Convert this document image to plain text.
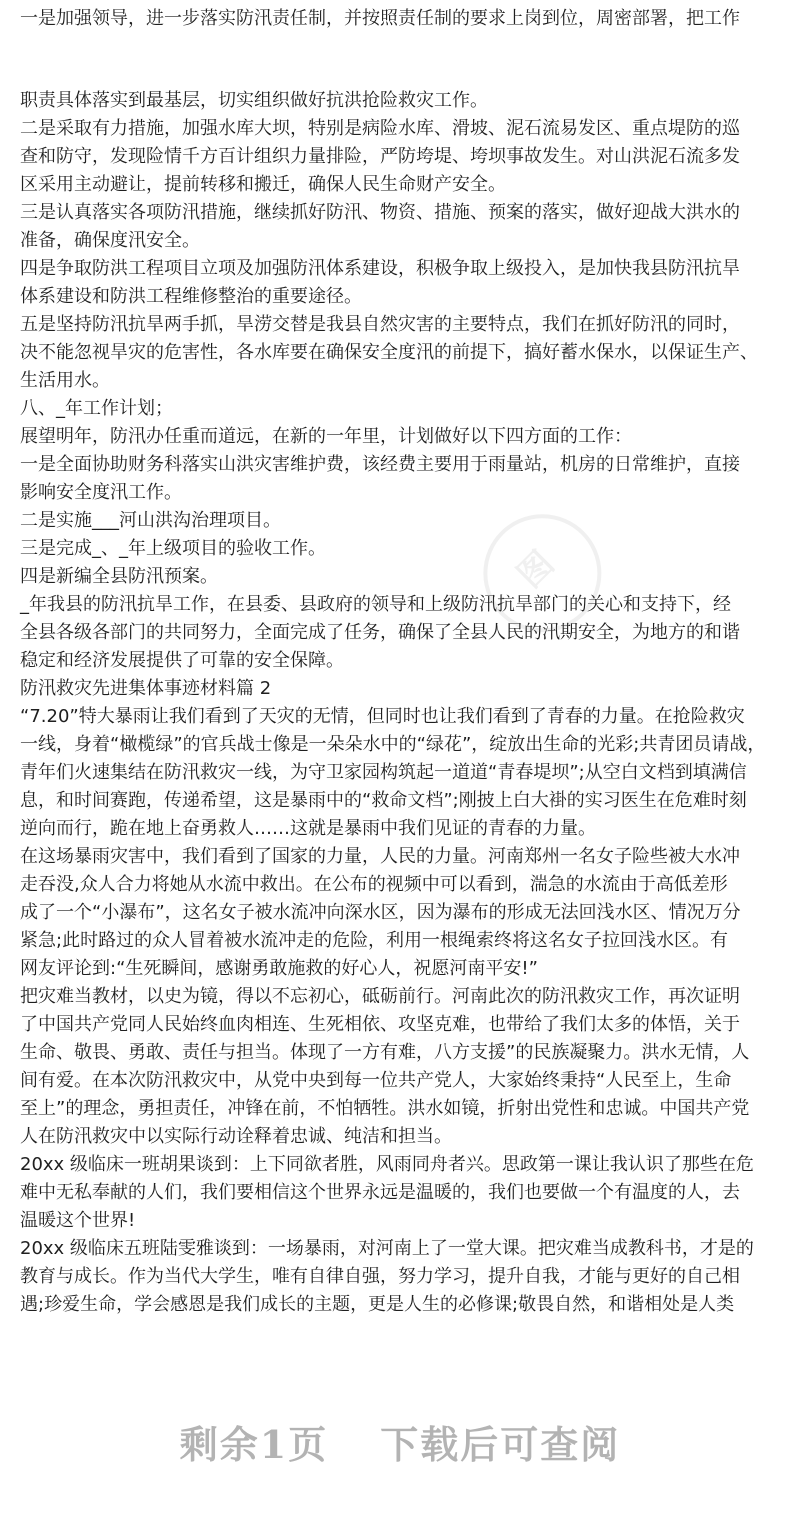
一是加强领导，进一步落实防汛责任制，并按照责任制的要求上岗到位，周密部署，把工作
职责具体落实到最基层，切实组织做好抗洪抢险救灾工作。
二是采取有力措施，加强水库大坝，特别是病险水库、滑坡、泥石流易发区、重点堤防的巡
查和防守，发现险情千方百计组织力量排险，严防垮堤、垮坝事故发生。对山洪泥石流多发
区采用主动避让，提前转移和搬迁，确保人民生命财产安全。
三是认真落实各项防汛措施，继续抓好防汛、物资、措施、预案的落实，做好迎战大洪水的
准备，确保度汛安全。
四是争取防洪工程项目立项及加强防汛体系建设，积极争取上级投入，是加快我县防汛抗旱
体系建设和防洪工程维修整治的重要途径。
五是坚持防汛抗旱两手抓，旱涝交替是我县自然灾害的主要特点，我们在抓好防汛的同时，
决不能忽视旱灾的危害性，各水库要在确保安全度汛的前提下，搞好蓄水保水，以保证生产、
生活用水。
八、_年工作计划；
展望明年，防汛办任重而道远，在新的一年里，计划做好以下四方面的工作：
一是全面协助财务科落实山洪灾害维护费，该经费主要用于雨量站，机房的日常维护，直接
影响安全度汛工作。
二是实施___河山洪沟治理项目。
三是完成_、_年上级项目的验收工作。
四是新编全县防汛预案。
_年我县的防汛抗旱工作，在县委、县政府的领导和上级防汛抗旱部门的关心和支持下，经
全县各级各部门的共同努力，全面完成了任务，确保了全县人民的汛期安全，为地方的和谐
稳定和经济发展提供了可靠的安全保障。
防汛救灾先进集体事迹材料篇 2
“7.20”特大暴雨让我们看到了天灾的无情，但同时也让我们看到了青春的力量。在抢险救灾
一线，身着“橄榄绿”的官兵战士像是一朵朵水中的“绿花”，绽放出生命的光彩;共青团员请战，
青年们火速集结在防汛救灾一线，为守卫家园构筑起一道道“青春堤坝”;从空白文档到填满信
息，和时间赛跑，传递希望，这是暴雨中的“救命文档”;刚披上白大褂的实习医生在危难时刻
逆向而行，跪在地上奋勇救人……这就是暴雨中我们见证的青春的力量。
在这场暴雨灾害中，我们看到了国家的力量，人民的力量。河南郑州一名女子险些被大水冲
走吞没,众人合力将她从水流中救出。在公布的视频中可以看到，湍急的水流由于高低差形
成了一个“小瀑布”，这名女子被水流冲向深水区，因为瀑布的形成无法回浅水区、情况万分
紧急;此时路过的众人冒着被水流冲走的危险，利用一根绳索终将这名女子拉回浅水区。有
网友评论到:“生死瞬间，感谢勇敢施救的好心人，祝愿河南平安!”
把灾难当教材，以史为镜，得以不忘初心，砥砺前行。河南此次的防汛救灾工作，再次证明
了中国共产党同人民始终血肉相连、生死相依、攻坚克难，也带给了我们太多的体悟，关于
生命、敬畏、勇敢、责任与担当。体现了一方有难，八方支援”的民族凝聚力。洪水无情，人
间有爱。在本次防汛救灾中，从党中央到每一位共产党人，大家始终秉持“人民至上，生命
至上”的理念，勇担责任，冲锋在前，不怕牺牲。洪水如镜，折射出党性和忠诚。中国共产党
人在防汛救灾中以实际行动诠释着忠诚、纯洁和担当。
20xx 级临床一班胡果谈到：上下同欲者胜，风雨同舟者兴。思政第一课让我认识了那些在危
难中无私奉献的人们，我们要相信这个世界永远是温暖的，我们也要做一个有温度的人，去
温暖这个世界!
20xx 级临床五班陆雯雅谈到：一场暴雨，对河南上了一堂大课。把灾难当成教科书，才是的
教育与成长。作为当代大学生，唯有自律自强，努力学习，提升自我，才能与更好的自己相
遇;珍爱生命，学会感恩是我们成长的主题，更是人生的必修课;敬畏自然，和谐相处是人类
图
剩余1页 下载后可查阅
